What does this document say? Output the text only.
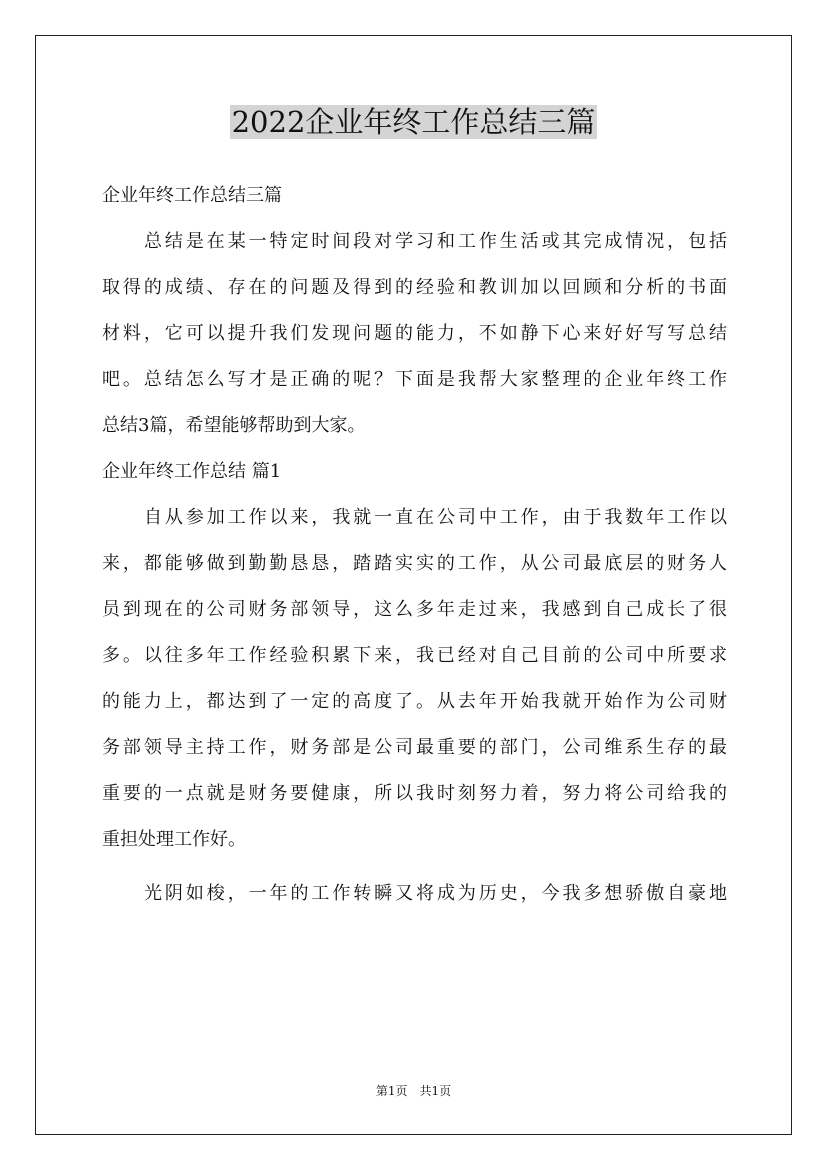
2022企业年终工作总结三篇
企业年终工作总结三篇
总结是在某一特定时间段对学习和工作生活或其完成情况，包括
取得的成绩、存在的问题及得到的经验和教训加以回顾和分析的书面
材料，它可以提升我们发现问题的能力，不如静下心来好好写写总结
吧。总结怎么写才是正确的呢？下面是我帮大家整理的企业年终工作
总结3篇，希望能够帮助到大家。
企业年终工作总结 篇1
自从参加工作以来，我就一直在公司中工作，由于我数年工作以
来，都能够做到勤勤恳恳，踏踏实实的工作，从公司最底层的财务人
员到现在的公司财务部领导，这么多年走过来，我感到自己成长了很
多。以往多年工作经验积累下来，我已经对自己目前的公司中所要求
的能力上，都达到了一定的高度了。从去年开始我就开始作为公司财
务部领导主持工作，财务部是公司最重要的部门，公司维系生存的最
重要的一点就是财务要健康，所以我时刻努力着，努力将公司给我的
重担处理工作好。
光阴如梭，一年的工作转瞬又将成为历史，今我多想骄傲自豪地
第1页　共1页
